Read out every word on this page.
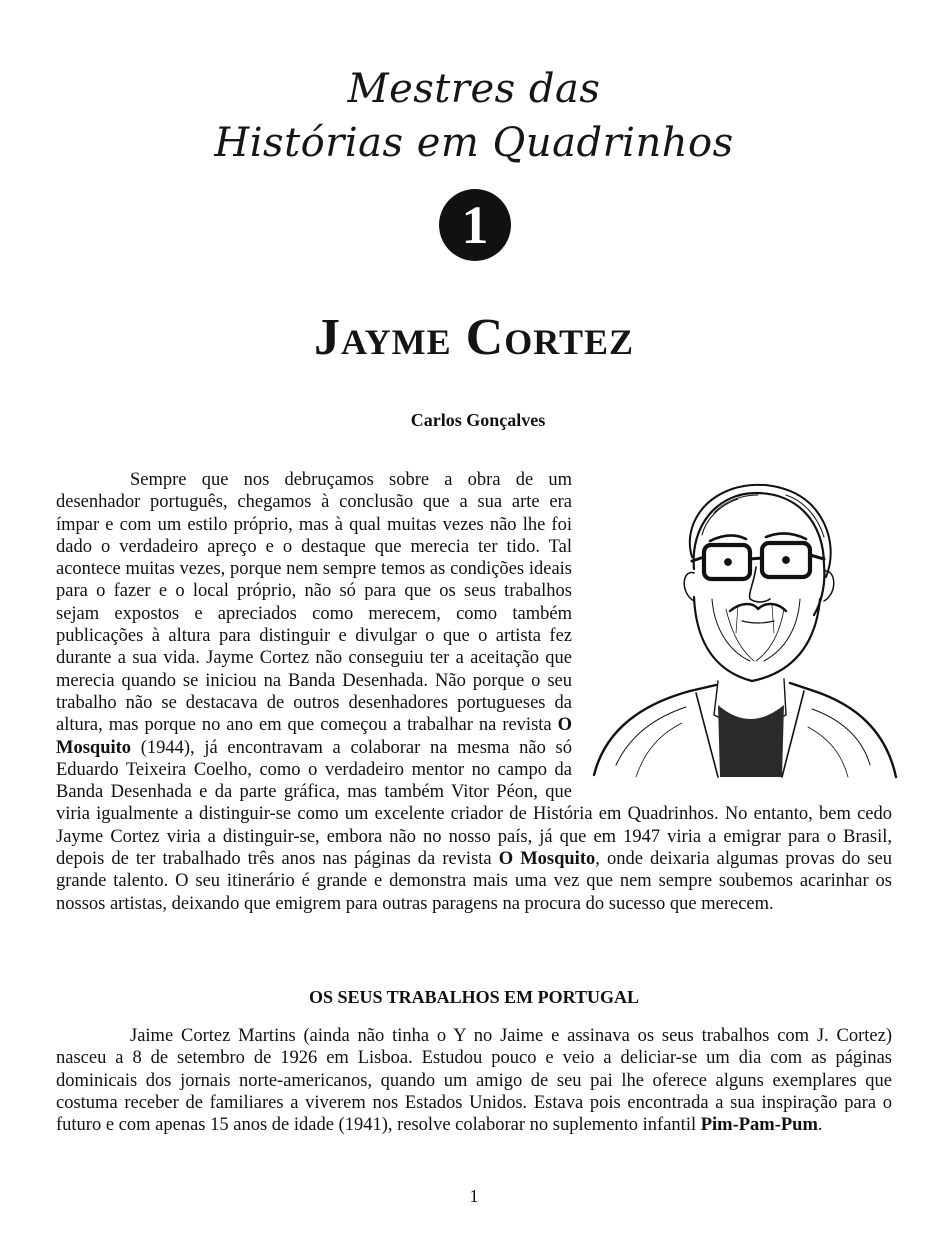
Mestres das
Histórias em Quadrinhos
1
Jayme Cortez
Carlos Gonçalves
Sempre que nos debruçamos sobre a obra de um desenhador português, chegamos à conclusão que a sua arte era ímpar e com um estilo próprio, mas à qual muitas vezes não lhe foi dado o verdadeiro apreço e o destaque que merecia ter tido. Tal acontece muitas vezes, porque nem sempre temos as condições ideais para o fazer e o local próprio, não só para que os seus trabalhos sejam expostos e apreciados como merecem, como também publicações à altura para distinguir e divulgar o que o artista fez durante a sua vida. Jayme Cortez não conseguiu ter a aceitação que merecia quando se iniciou na Banda Desenhada. Não porque o seu trabalho não se destacava de outros desenhadores portugueses da altura, mas porque no ano em que começou a trabalhar na revista O Mosquito (1944), já encontravam a colaborar na mesma não só Eduardo Teixeira Coelho, como o verdadeiro mentor no campo da Banda Desenhada e da parte gráfica, mas também Vitor Péon, que viria igualmente a distinguir-se como um excelente criador de História em Quadrinhos. No entanto, bem cedo Jayme Cortez viria a distinguir-se, embora não no nosso país, já que em 1947 viria a emigrar para o Brasil, depois de ter trabalhado três anos nas páginas da revista O Mosquito, onde deixaria algumas provas do seu grande talento. O seu itinerário é grande e demonstra mais uma vez que nem sempre soubemos acarinhar os nossos artistas, deixando que emigrem para outras paragens na procura do sucesso que merecem.
OS SEUS TRABALHOS EM PORTUGAL
Jaime Cortez Martins (ainda não tinha o Y no Jaime e assinava os seus trabalhos com J. Cortez) nasceu a 8 de setembro de 1926 em Lisboa. Estudou pouco e veio a deliciar-se um dia com as páginas dominicais dos jornais norte-americanos, quando um amigo de seu pai lhe oferece alguns exemplares que costuma receber de familiares a viverem nos Estados Unidos. Estava pois encontrada a sua inspiração para o futuro e com apenas 15 anos de idade (1941), resolve colaborar no suplemento infantil Pim-Pam-Pum.
1
